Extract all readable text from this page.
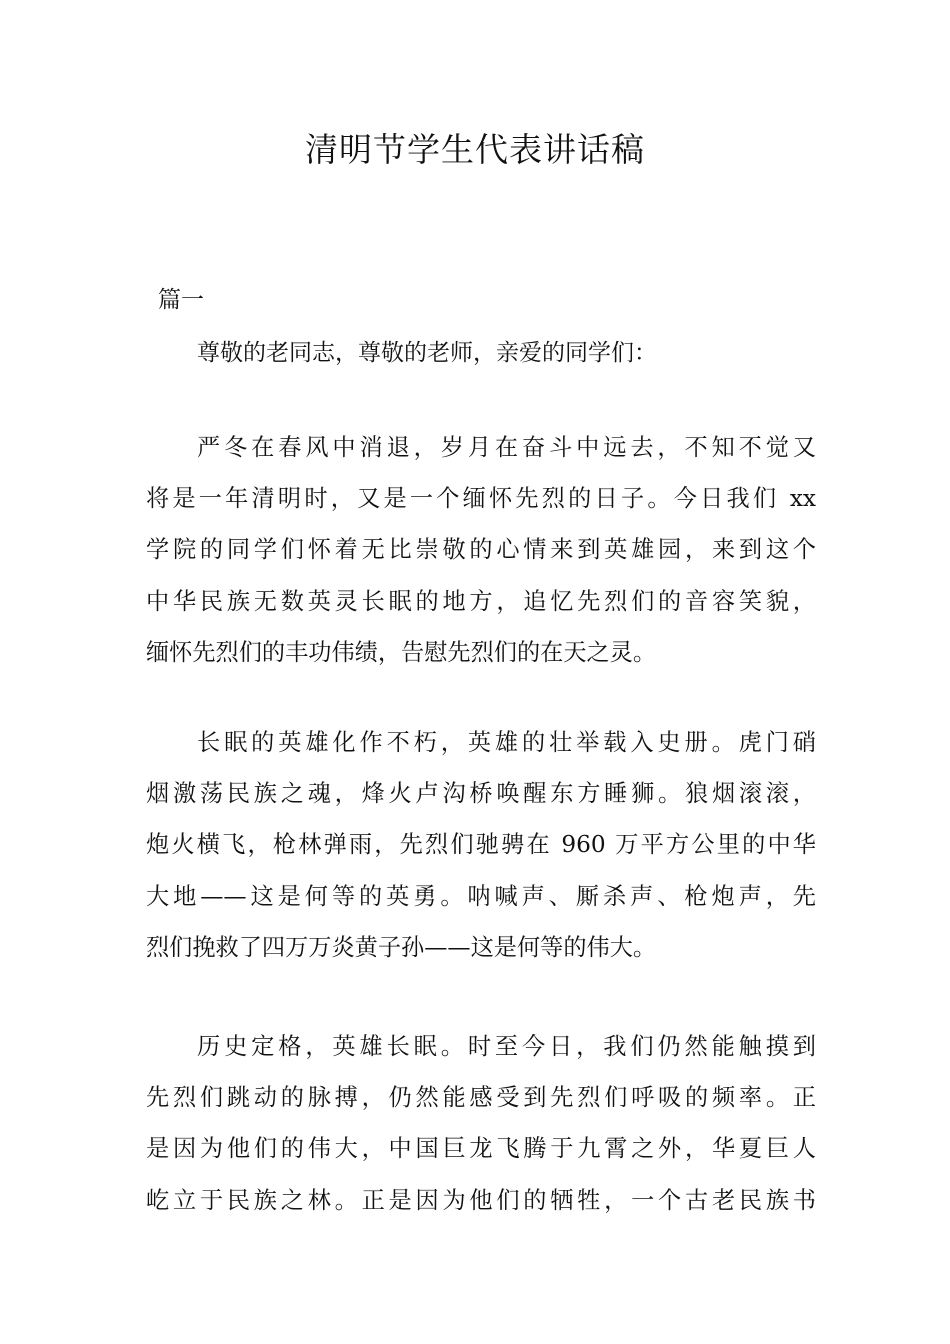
清明节学生代表讲话稿

篇一

尊敬的老同志，尊敬的老师，亲爱的同学们：

严冬在春风中消退，岁月在奋斗中远去，不知不觉又
将是一年清明时，又是一个缅怀先烈的日子。今日我们 xx
学院的同学们怀着无比崇敬的心情来到英雄园，来到这个
中华民族无数英灵长眠的地方，追忆先烈们的音容笑貌，
缅怀先烈们的丰功伟绩，告慰先烈们的在天之灵。
长眠的英雄化作不朽，英雄的壮举载入史册。虎门硝
烟激荡民族之魂，烽火卢沟桥唤醒东方睡狮。狼烟滚滚，
炮火横飞，枪林弹雨，先烈们驰骋在 960 万平方公里的中华
大地——这是何等的英勇。呐喊声、厮杀声、枪炮声，先
烈们挽救了四万万炎黄子孙——这是何等的伟大。
历史定格，英雄长眠。时至今日，我们仍然能触摸到
先烈们跳动的脉搏，仍然能感受到先烈们呼吸的频率。正
是因为他们的伟大，中国巨龙飞腾于九霄之外，华夏巨人
屹立于民族之林。正是因为他们的牺牲，一个古老民族书
